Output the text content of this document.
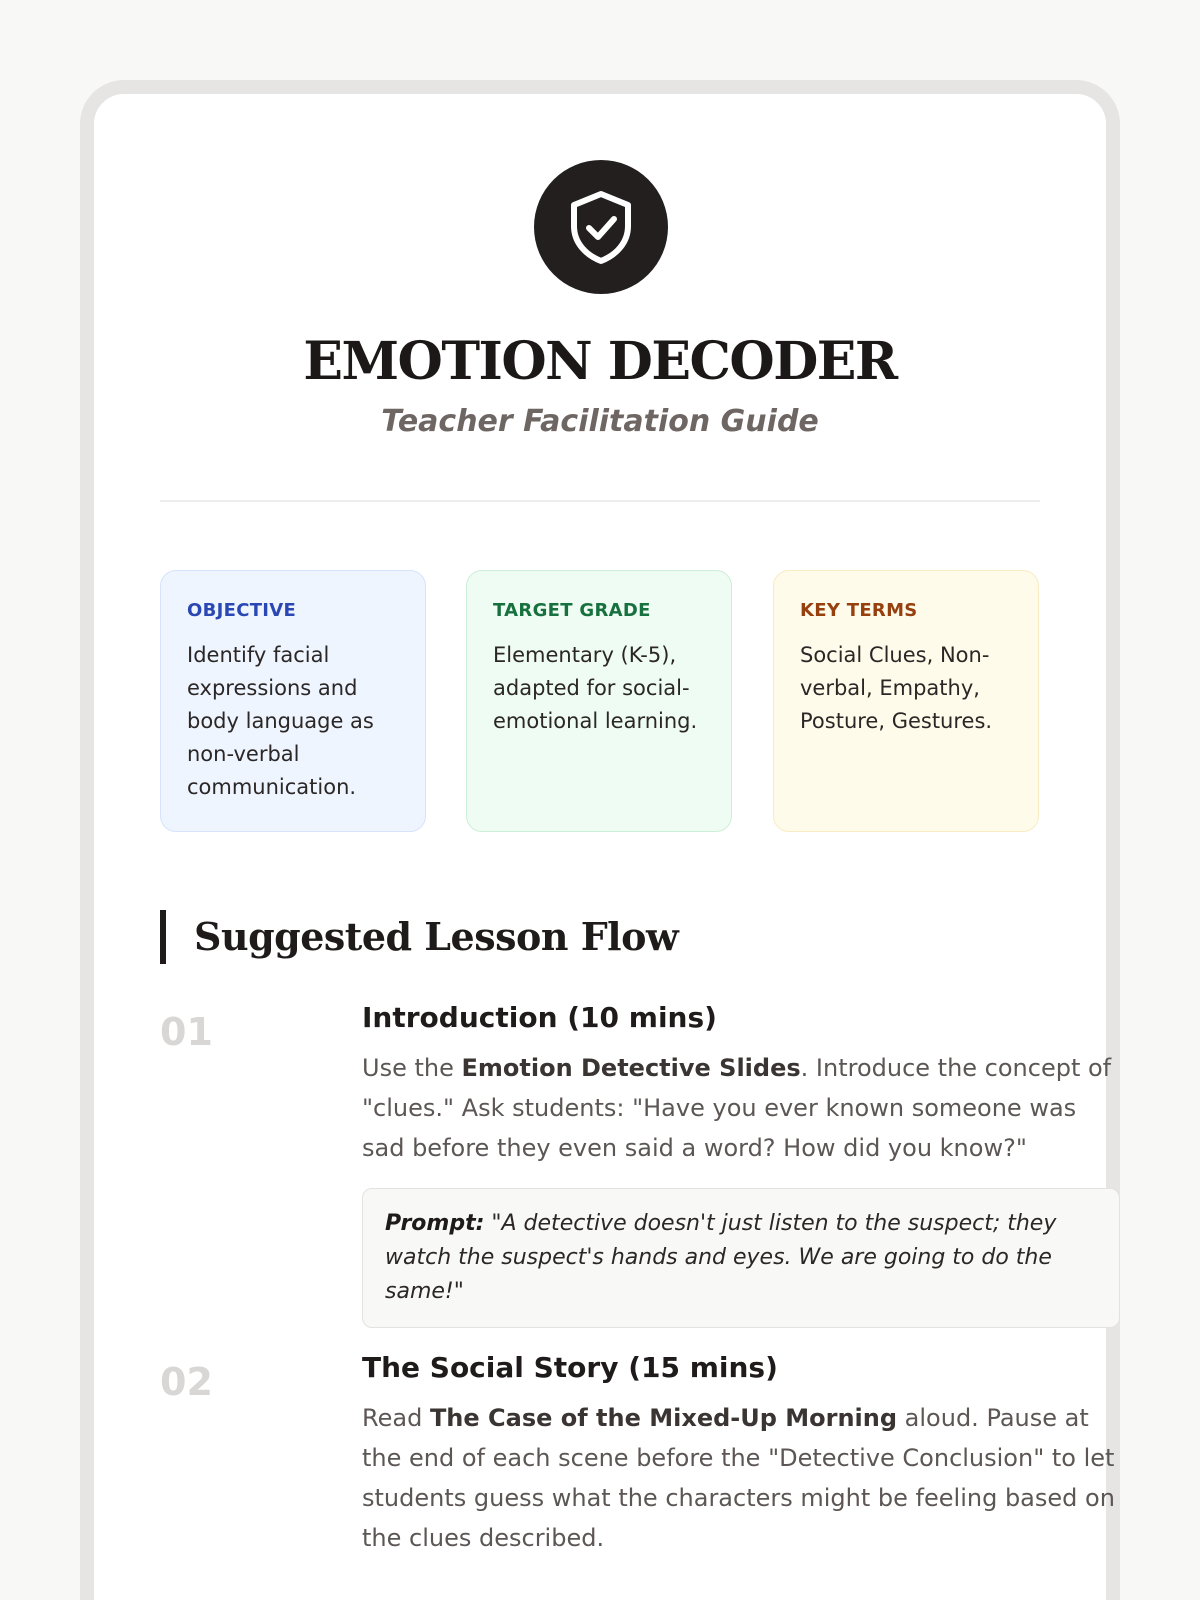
EMOTION DECODER
Teacher Facilitation Guide
OBJECTIVE
Identify facial expressions and body language as non-verbal communication.
TARGET GRADE
Elementary (K-5), adapted for social-emotional learning.
KEY TERMS
Social Clues, Non-verbal, Empathy, Posture, Gestures.
Suggested Lesson Flow
01	Introduction (10 mins)
Use the Emotion Detective Slides. Introduce the concept of "clues." Ask students: "Have you ever known someone was sad before they even said a word? How did you know?"
Prompt: "A detective doesn't just listen to the suspect; they watch the suspect's hands and eyes. We are going to do the same!"
02	The Social Story (15 mins)
Read The Case of the Mixed-Up Morning aloud. Pause at the end of each scene before the "Detective Conclusion" to let students guess what the characters might be feeling based on the clues described.
